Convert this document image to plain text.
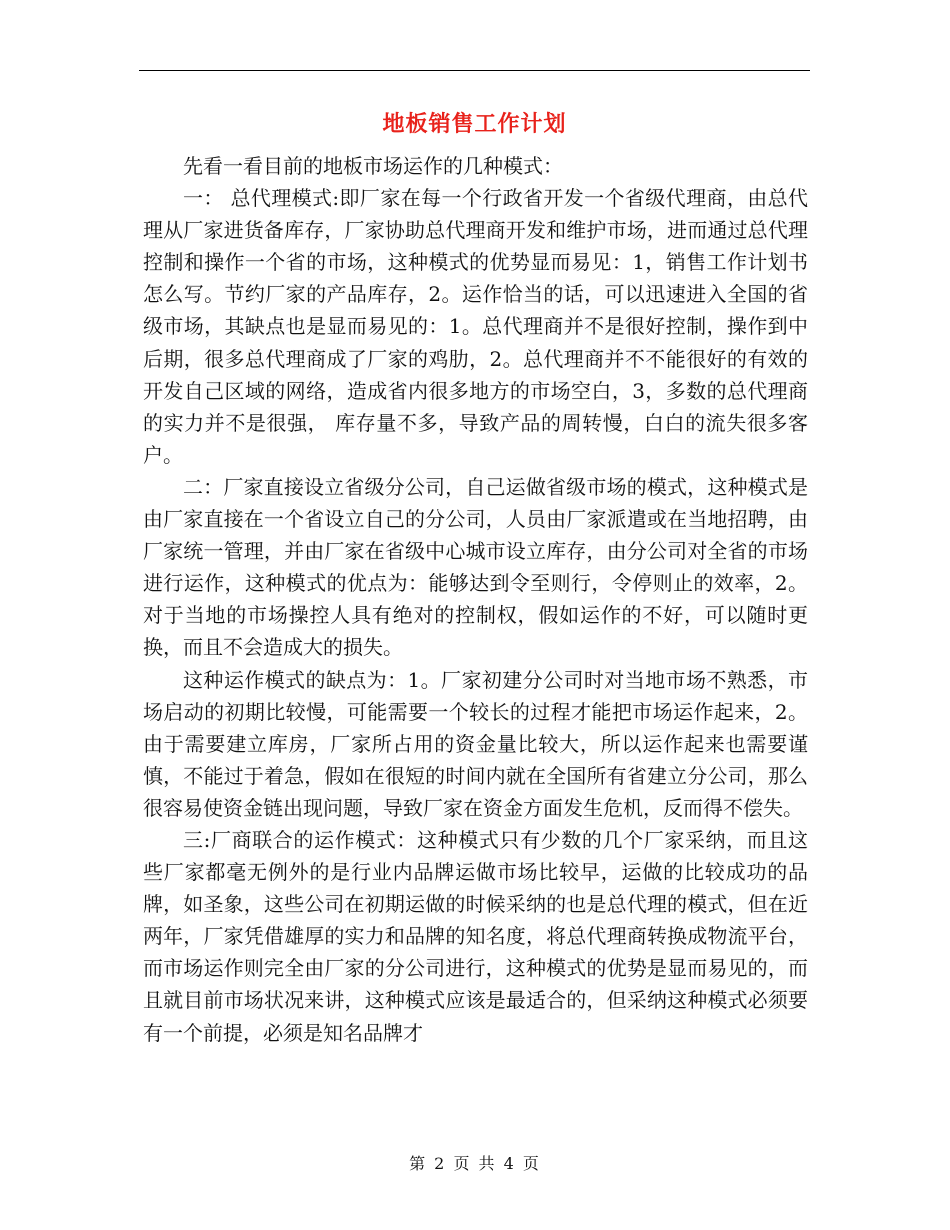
地板销售工作计划

先看一看目前的地板市场运作的几种模式：

一： 总代理模式:即厂家在每一个行政省开发一个省级代理商，由总代理从厂家进货备库存，厂家协助总代理商开发和维护市场，进而通过总代理控制和操作一个省的市场，这种模式的优势显而易见：1，销售工作计划书怎么写。节约厂家的产品库存，2。运作恰当的话，可以迅速进入全国的省级市场，其缺点也是显而易见的：1。总代理商并不是很好控制，操作到中后期，很多总代理商成了厂家的鸡肋，2。总代理商并不不能很好的有效的开发自己区域的网络，造成省内很多地方的市场空白，3，多数的总代理商的实力并不是很强， 库存量不多，导致产品的周转慢，白白的流失很多客户。

二：厂家直接设立省级分公司，自己运做省级市场的模式，这种模式是由厂家直接在一个省设立自己的分公司，人员由厂家派遣或在当地招聘，由厂家统一管理，并由厂家在省级中心城市设立库存，由分公司对全省的市场进行运作，这种模式的优点为：能够达到令至则行，令停则止的效率，2。对于当地的市场操控人具有绝对的控制权，假如运作的不好，可以随时更换，而且不会造成大的损失。

这种运作模式的缺点为：1。厂家初建分公司时对当地市场不熟悉，市场启动的初期比较慢，可能需要一个较长的过程才能把市场运作起来，2。由于需要建立库房，厂家所占用的资金量比较大，所以运作起来也需要谨慎，不能过于着急，假如在很短的时间内就在全国所有省建立分公司，那么很容易使资金链出现问题，导致厂家在资金方面发生危机，反而得不偿失。

三:厂商联合的运作模式：这种模式只有少数的几个厂家采纳，而且这些厂家都毫无例外的是行业内品牌运做市场比较早，运做的比较成功的品牌，如圣象，这些公司在初期运做的时候采纳的也是总代理的模式，但在近两年，厂家凭借雄厚的实力和品牌的知名度，将总代理商转换成物流平台，而市场运作则完全由厂家的分公司进行，这种模式的优势是显而易见的，而且就目前市场状况来讲，这种模式应该是最适合的，但采纳这种模式必须要有一个前提，必须是知名品牌才

第 2 页 共 4 页
